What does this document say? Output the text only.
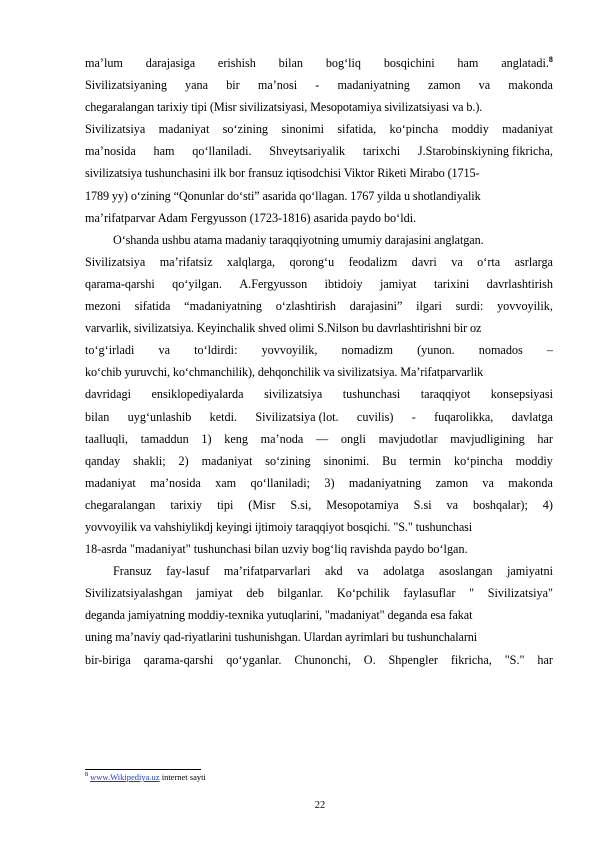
ma’lum darajasiga erishish bilan bog‘liq bosqichini ham anglatadi.$^8$
Sivilizatsiyaning yana bir ma’nosi - madaniyatning zamon va makonda
chegaralangan tarixiy tipi (Misr sivilizatsiyasi, Mesopotamiya sivilizatsiyasi va b.).
Sivilizatsiya madaniyat so‘zining sinonimi sifatida, ko‘pincha moddiy madaniyat
ma’nosida ham qo‘llaniladi. Shveytsariyalik tarixchi J.Starobinskiyning fikricha,
sivilizatsiya tushunchasini ilk bor fransuz iqtisodchisi Viktor Riketi Mirabo (1715-
1789 yy) o‘zining “Qonunlar do‘sti” asarida qo‘llagan. 1767 yilda u shotlandiyalik
ma’rifatparvar Adam Fergyusson (1723-1816) asarida paydo bo‘ldi.
O‘shanda ushbu atama madaniy taraqqiyotning umumiy darajasini anglatgan.
Sivilizatsiya ma’rifatsiz xalqlarga, qorong‘u feodalizm davri va o‘rta asrlarga
qarama-qarshi qo‘yilgan. A.Fergyusson ibtidoiy jamiyat tarixini davrlashtirish
mezoni sifatida “madaniyatning o‘zlashtirish darajasini” ilgari surdi: yovvoyilik,
varvarlik, sivilizatsiya. Keyinchalik shved olimi S.Nilson bu davrlashtirishni bir oz
to‘g‘irladi va to‘ldirdi: yovvoyilik, nomadizm (yunon. nomados –
ko‘chib yuruvchi, ko‘chmanchilik), dehqonchilik va sivilizatsiya. Ma’rifatparvarlik
davridagi ensiklopediyalarda sivilizatsiya tushunchasi taraqqiyot konsepsiyasi
bilan uyg‘unlashib ketdi. Sivilizatsiya (lot. cuvilis) - fuqarolikka, davlatga
taalluqli, tamaddun 1) keng maʼnoda — ongli mavjudotlar mavjudligining har
qanday shakli; 2) madaniyat soʻzining sinonimi. Bu termin koʻpincha moddiy
madaniyat maʼnosida xam qoʻllaniladi; 3) madaniyatning zamon va makonda
chegaralangan tarixiy tipi (Misr S.si, Mesopotamiya S.si va boshqalar); 4)
yovvoyilik va vahshiylikdj keyingi ijtimoiy taraqqiyot bosqichi. "S." tushunchasi
18-asrda "madaniyat" tushunchasi bilan uzviy bogʻliq ravishda paydo boʻlgan.
Fransuz fay-lasuf maʼrifatparvarlari akd va adolatga asoslangan jamiyatni
Sivilizatsiyalashgan jamiyat deb bilganlar. Koʻpchilik faylasuflar " Sivilizatsiya"
deganda jamiyatning moddiy-texnika yutuqlarini, "madaniyat" deganda esa fakat
uning maʼnaviy qad-riyatlarini tushunishgan. Ulardan ayrimlari bu tushunchalarni
bir-biriga qarama-qarshi qoʻyganlar. Chunonchi, O. Shpengler fikricha, "S." har
$^8$ www.Wikipediya.uz internet sayti
22
